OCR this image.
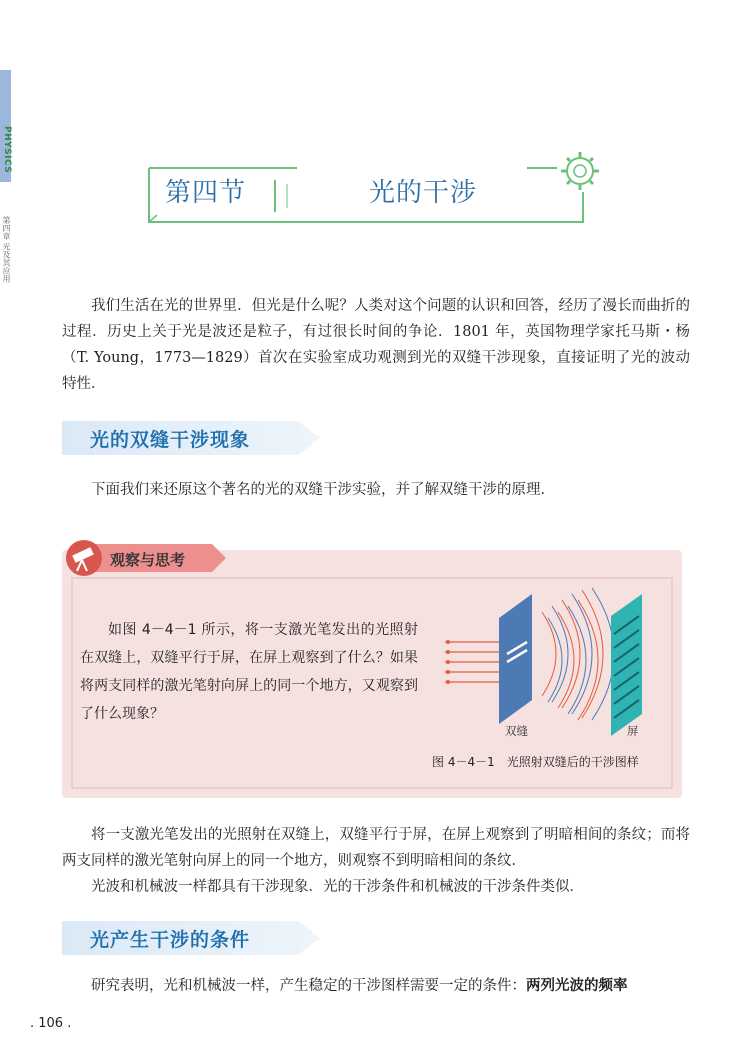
PHYSICS
第四章 光及其应用
第四节	光的干涉
我们生活在光的世界里．但光是什么呢？人类对这个问题的认识和回答，经历了漫长而曲折的过程．历史上关于光是波还是粒子，有过很长时间的争论．1801 年，英国物理学家托马斯・杨（T. Young，1773—1829）首次在实验室成功观测到光的双缝干涉现象，直接证明了光的波动特性．
光的双缝干涉现象
下面我们来还原这个著名的光的双缝干涉实验，并了解双缝干涉的原理．
观察与思考
如图 4－4－1 所示，将一支激光笔发出的光照射在双缝上，双缝平行于屏，在屏上观察到了什么？如果将两支同样的激光笔射向屏上的同一个地方，又观察到了什么现象？
双缝	屏
图 4－4－1　光照射双缝后的干涉图样
将一支激光笔发出的光照射在双缝上，双缝平行于屏，在屏上观察到了明暗相间的条纹；而将两支同样的激光笔射向屏上的同一个地方，则观察不到明暗相间的条纹．
光波和机械波一样都具有干涉现象．光的干涉条件和机械波的干涉条件类似．
光产生干涉的条件
研究表明，光和机械波一样，产生稳定的干涉图样需要一定的条件：两列光波的频率
. 106 .
